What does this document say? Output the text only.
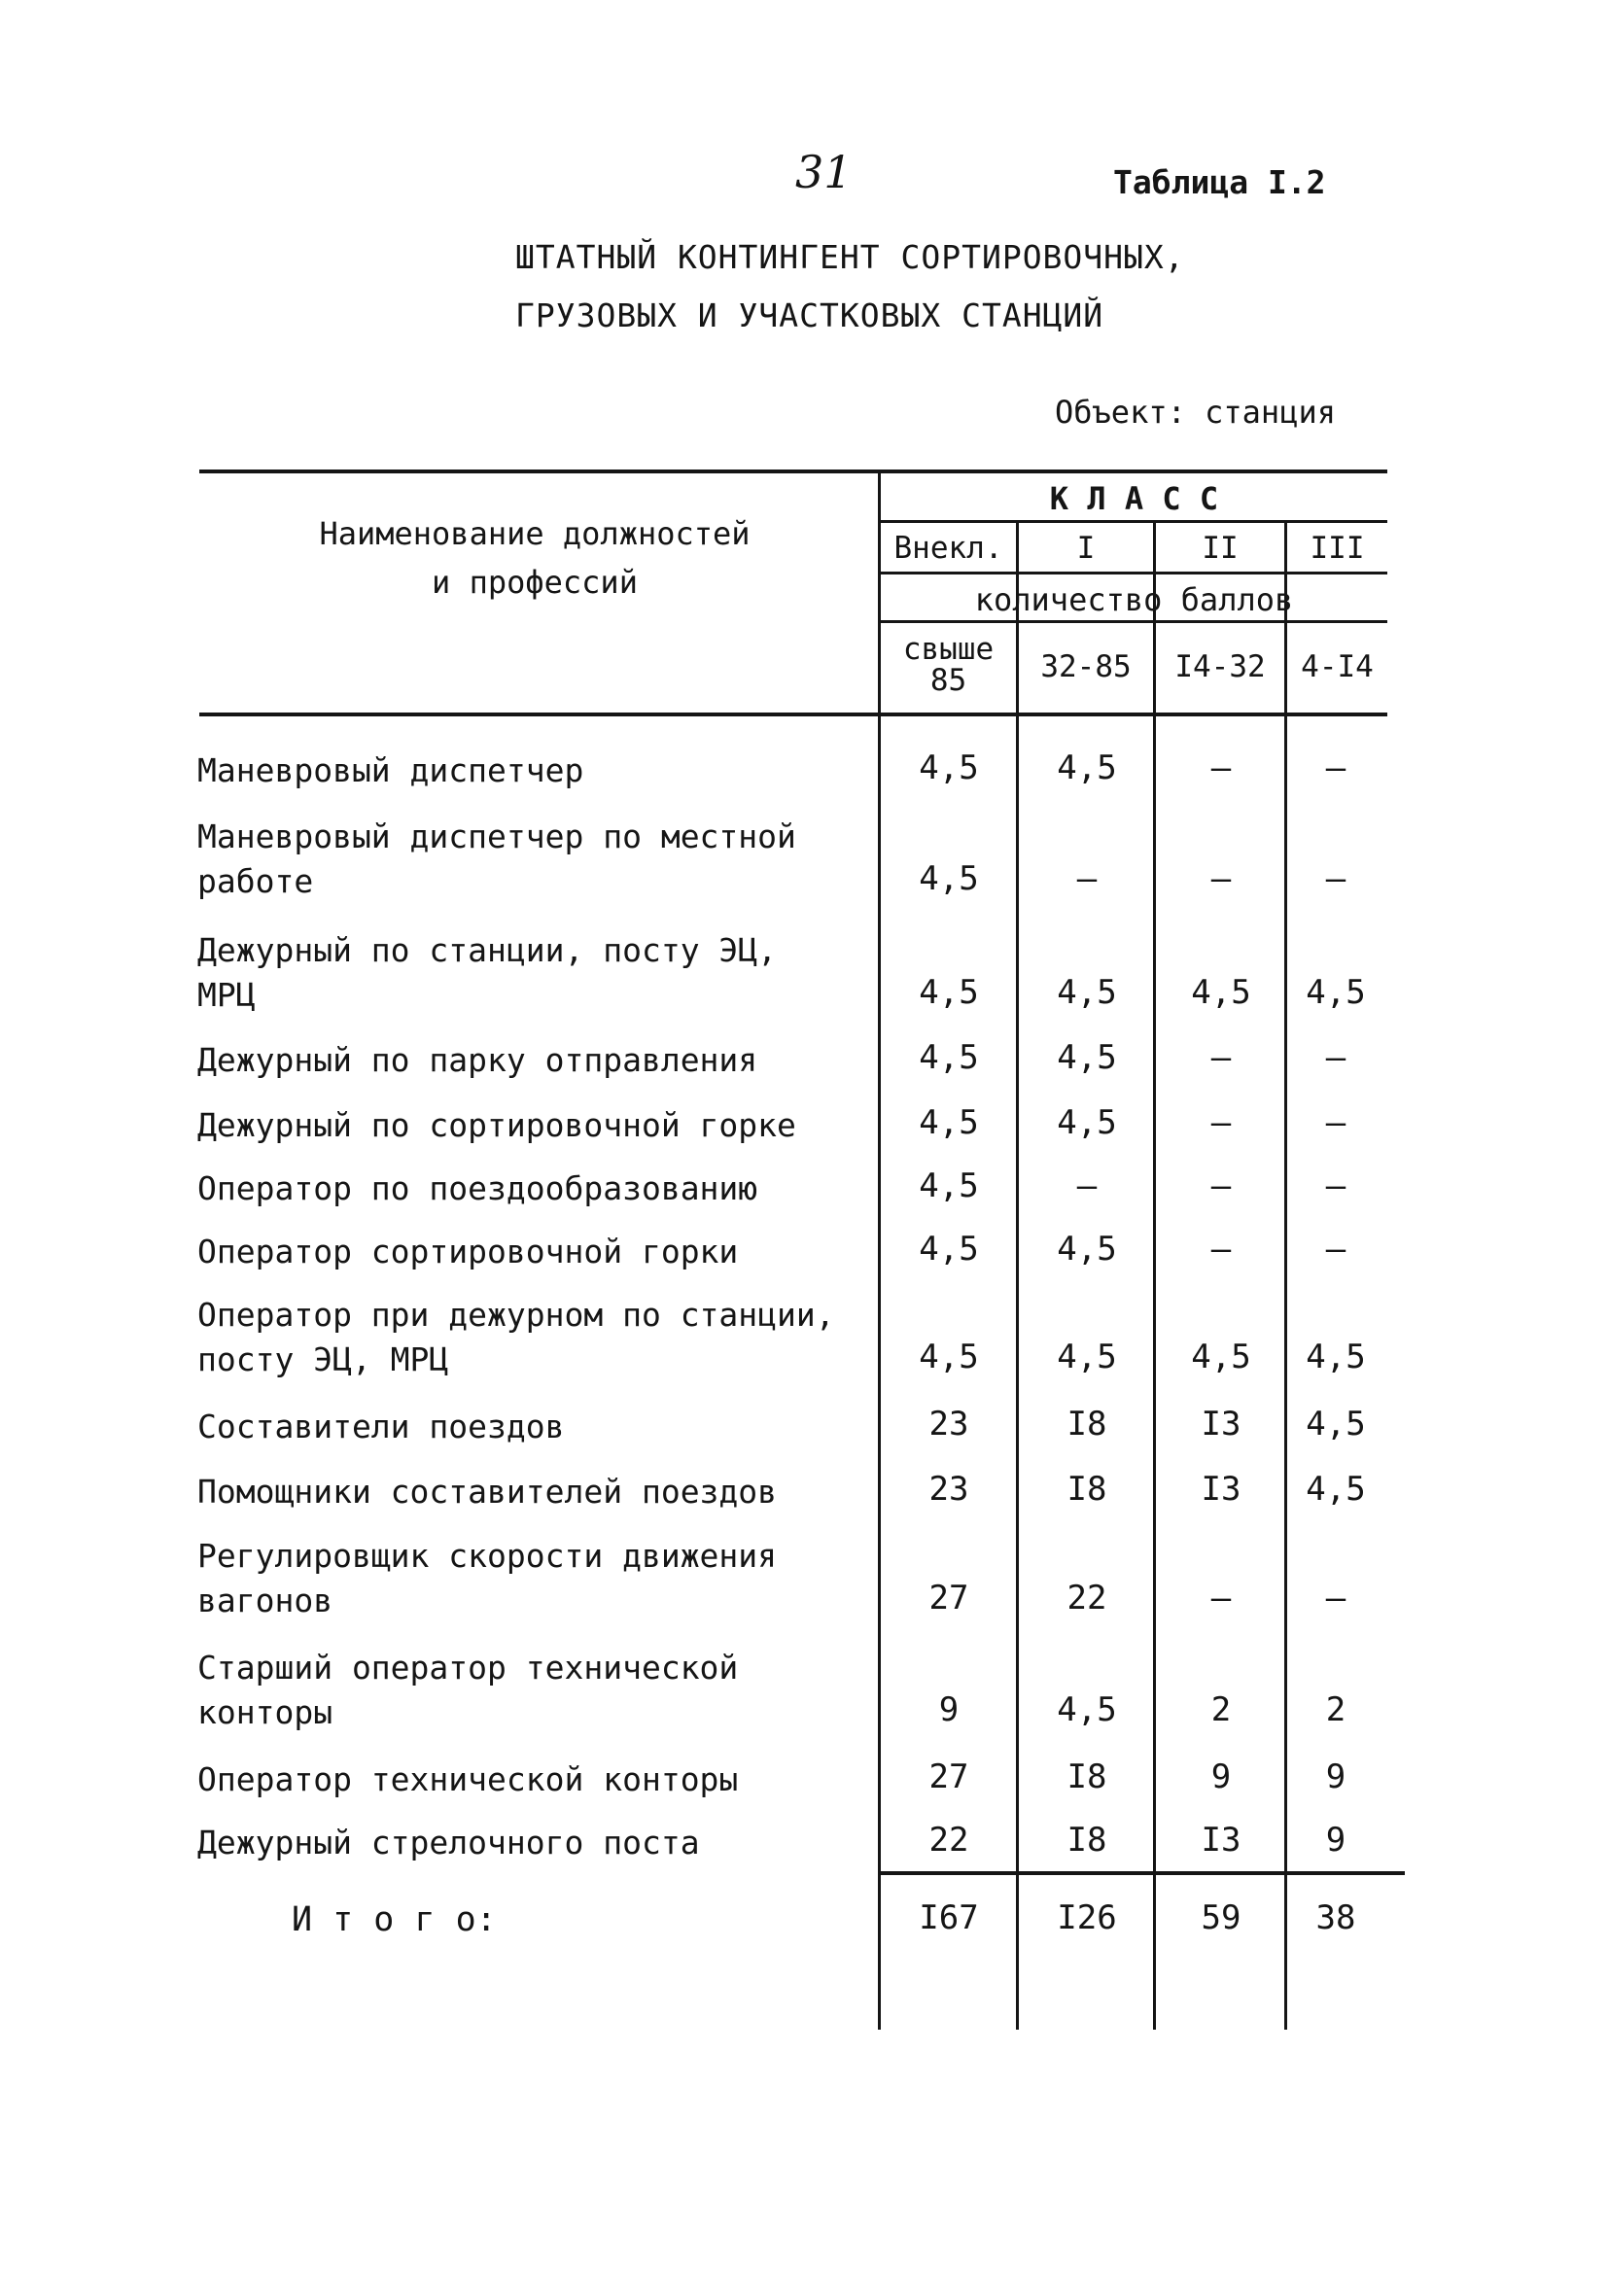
31	Таблица I.2
ШТАТНЫЙ КОНТИНГЕНТ СОРТИРОВОЧНЫХ,
ГРУЗОВЫХ И УЧАСТКОВЫХ СТАНЦИЙ
Объект: станция
Наименование должностей
и профессий
К Л А С С
Внекл.	I	II	III
количество баллов
свыше
85	32-85	I4-32	4-I4
Маневровый диспетчер	4,5	4,5	–	–
Маневровый диспетчер по местной
работе	4,5	–	–	–
Дежурный по станции, посту ЭЦ,
МРЦ	4,5	4,5	4,5	4,5
Дежурный по парку отправления	4,5	4,5	–	–
Дежурный по сортировочной горке	4,5	4,5	–	–
Оператор по поездообразованию	4,5	–	–	–
Оператор сортировочной горки	4,5	4,5	–	–
Оператор при дежурном по станции,
посту ЭЦ, МРЦ	4,5	4,5	4,5	4,5
Составители поездов	23	I8	I3	4,5
Помощники составителей поездов	23	I8	I3	4,5
Регулировщик скорости движения
вагонов	27	22	–	–
Старший оператор технической
конторы	9	4,5	2	2
Оператор технической конторы	27	I8	9	9
Дежурный стрелочного поста	22	I8	I3	9
И т о г о:	I67	I26	59	38
